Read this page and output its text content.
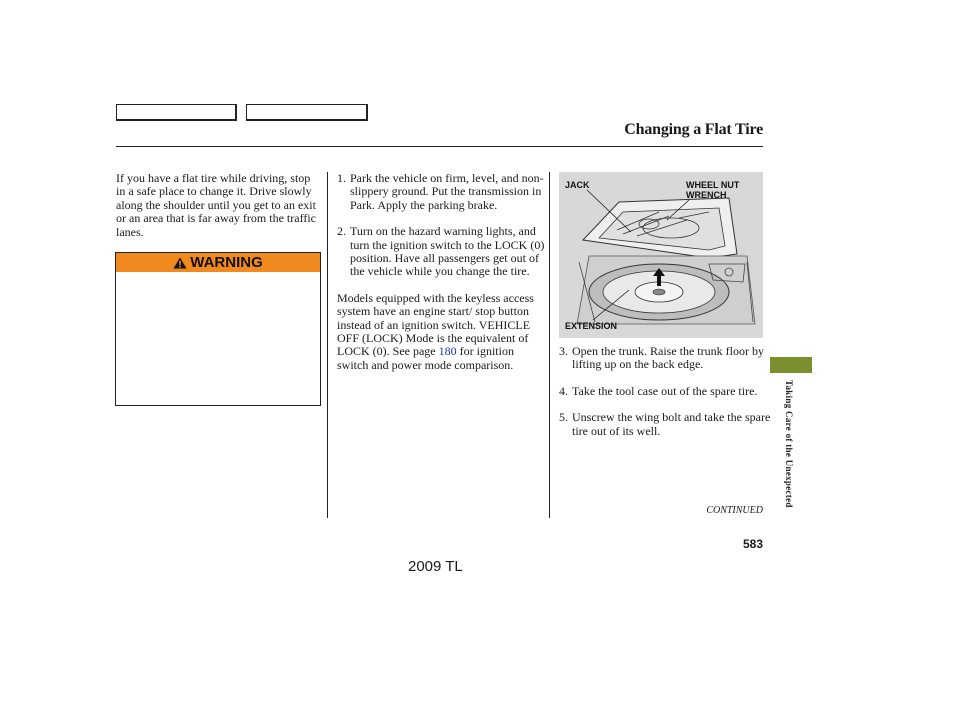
Changing a Flat Tire

If you have a flat tire while driving, stop in a safe place to change it. Drive slowly along the shoulder until you get to an exit or an area that is far away from the traffic lanes.

WARNING
1. Park the vehicle on firm, level, and non-slippery ground. Put the transmission in Park. Apply the parking brake.

2. Turn on the hazard warning lights, and turn the ignition switch to the LOCK (0) position. Have all passengers get out of the vehicle while you change the tire.

Models equipped with the keyless access system have an engine start/ stop button instead of an ignition switch. VEHICLE OFF (LOCK) Mode is the equivalent of LOCK (0). See page 180 for ignition switch and power mode comparison.

JACK	WHEEL NUT WRENCH
EXTENSION
3. Open the trunk. Raise the trunk floor by lifting up on the back edge.

4. Take the tool case out of the spare tire.

5. Unscrew the wing bolt and take the spare tire out of its well.	Taking Care of the Unexpected
CONTINUED
583
2009 TL
